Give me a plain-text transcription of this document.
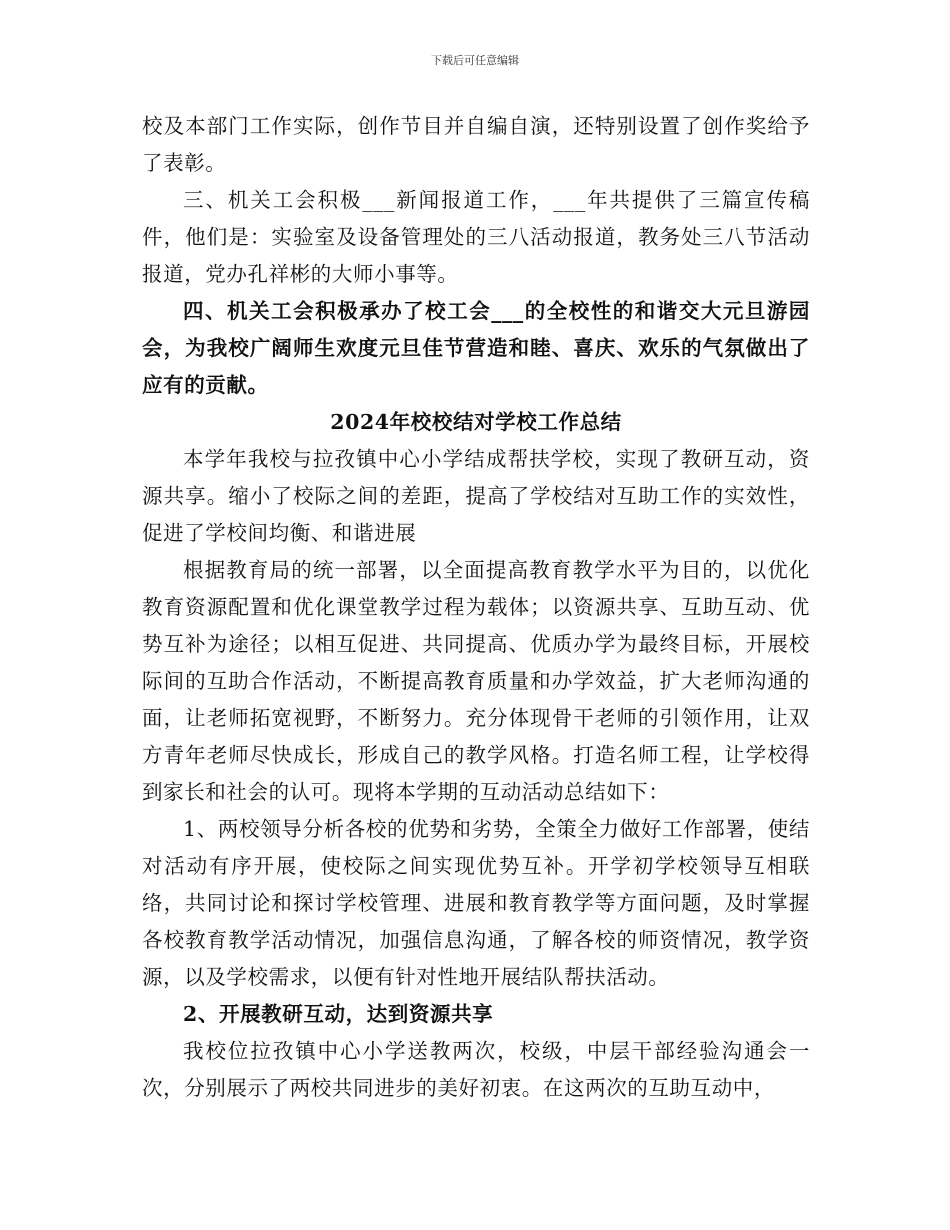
下载后可任意编辑

校及本部门工作实际，创作节目并自编自演，还特别设置了创作奖给予了表彰。

三、机关工会积极___新闻报道工作，___年共提供了三篇宣传稿件，他们是：实验室及设备管理处的三八活动报道，教务处三八节活动报道，党办孔祥彬的大师小事等。

四、机关工会积极承办了校工会___的全校性的和谐交大元旦游园会，为我校广阔师生欢度元旦佳节营造和睦、喜庆、欢乐的气氛做出了应有的贡献。

2024年校校结对学校工作总结

本学年我校与拉孜镇中心小学结成帮扶学校，实现了教研互动，资源共享。缩小了校际之间的差距，提高了学校结对互助工作的实效性，促进了学校间均衡、和谐进展

根据教育局的统一部署，以全面提高教育教学水平为目的，以优化教育资源配置和优化课堂教学过程为载体；以资源共享、互助互动、优势互补为途径；以相互促进、共同提高、优质办学为最终目标，开展校际间的互助合作活动，不断提高教育质量和办学效益，扩大老师沟通的面，让老师拓宽视野，不断努力。充分体现骨干老师的引领作用，让双方青年老师尽快成长，形成自己的教学风格。打造名师工程，让学校得到家长和社会的认可。现将本学期的互动活动总结如下：

1、两校领导分析各校的优势和劣势，全策全力做好工作部署，使结对活动有序开展，使校际之间实现优势互补。开学初学校领导互相联络，共同讨论和探讨学校管理、进展和教育教学等方面问题，及时掌握各校教育教学活动情况，加强信息沟通，了解各校的师资情况，教学资源，以及学校需求，以便有针对性地开展结队帮扶活动。

2、开展教研互动，达到资源共享

我校位拉孜镇中心小学送教两次，校级，中层干部经验沟通会一次，分别展示了两校共同进步的美好初衷。在这两次的互助互动中，
